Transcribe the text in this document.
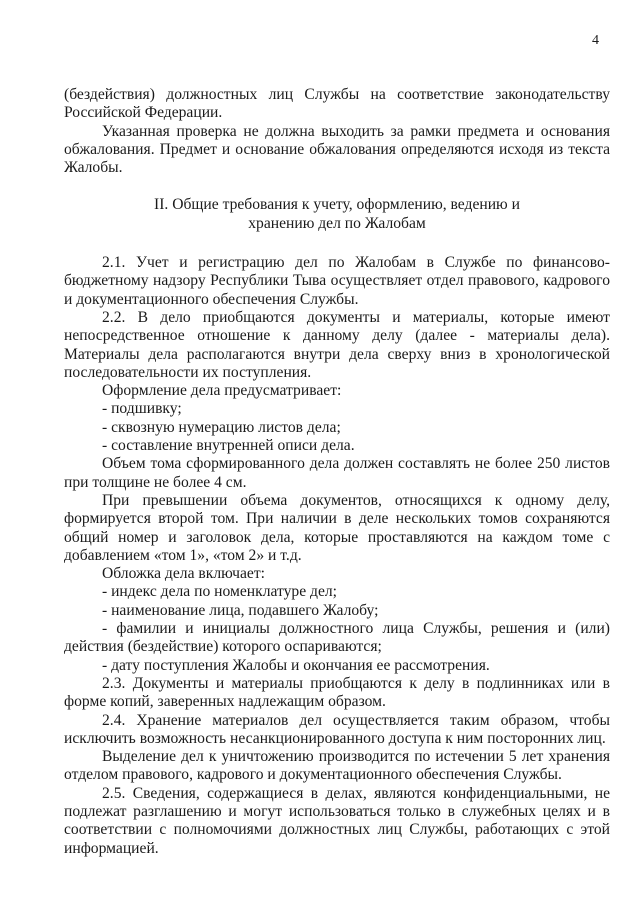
4

(бездействия) должностных лиц Службы на соответствие законодательству Российской Федерации.

Указанная проверка не должна выходить за рамки предмета и основания обжалования. Предмет и основание обжалования определяются исходя из текста Жалобы.

II. Общие требования к учету, оформлению, ведению и
хранению дел по Жалобам

2.1. Учет и регистрацию дел по Жалобам в Службе по финансово-бюджетному надзору Республики Тыва осуществляет отдел правового, кадрового и документационного обеспечения Службы.

2.2. В дело приобщаются документы и материалы, которые имеют непосредственное отношение к данному делу (далее - материалы дела). Материалы дела располагаются внутри дела сверху вниз в хронологической последовательности их поступления.

Оформление дела предусматривает:

- подшивку;

- сквозную нумерацию листов дела;

- составление внутренней описи дела.

Объем тома сформированного дела должен составлять не более 250 листов при толщине не более 4 см.

При превышении объема документов, относящихся к одному делу, формируется второй том. При наличии в деле нескольких томов сохраняются общий номер и заголовок дела, которые проставляются на каждом томе с добавлением «том 1», «том 2» и т.д.

Обложка дела включает:

- индекс дела по номенклатуре дел;

- наименование лица, подавшего Жалобу;

- фамилии и инициалы должностного лица Службы, решения и (или) действия (бездействие) которого оспариваются;

- дату поступления Жалобы и окончания ее рассмотрения.

2.3. Документы и материалы приобщаются к делу в подлинниках или в форме копий, заверенных надлежащим образом.

2.4. Хранение материалов дел осуществляется таким образом, чтобы исключить возможность несанкционированного доступа к ним посторонних лиц.

Выделение дел к уничтожению производится по истечении 5 лет хранения отделом правового, кадрового и документационного обеспечения Службы.

2.5. Сведения, содержащиеся в делах, являются конфиденциальными, не подлежат разглашению и могут использоваться только в служебных целях и в соответствии с полномочиями должностных лиц Службы, работающих с этой информацией.
